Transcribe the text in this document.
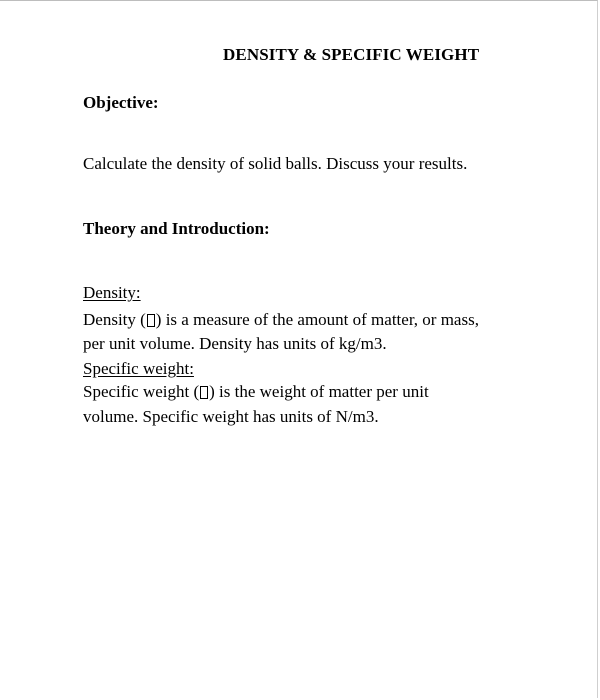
DENSITY & SPECIFIC WEIGHT
Objective:
Calculate the density of solid balls. Discuss your results.
Theory and Introduction:
Density:
Density ( ) is a measure of the amount of matter, or mass,
per unit volume. Density has units of kg/m3.
Specific weight:
Specific weight ( ) is the weight of matter per unit
volume. Specific weight has units of N/m3.
